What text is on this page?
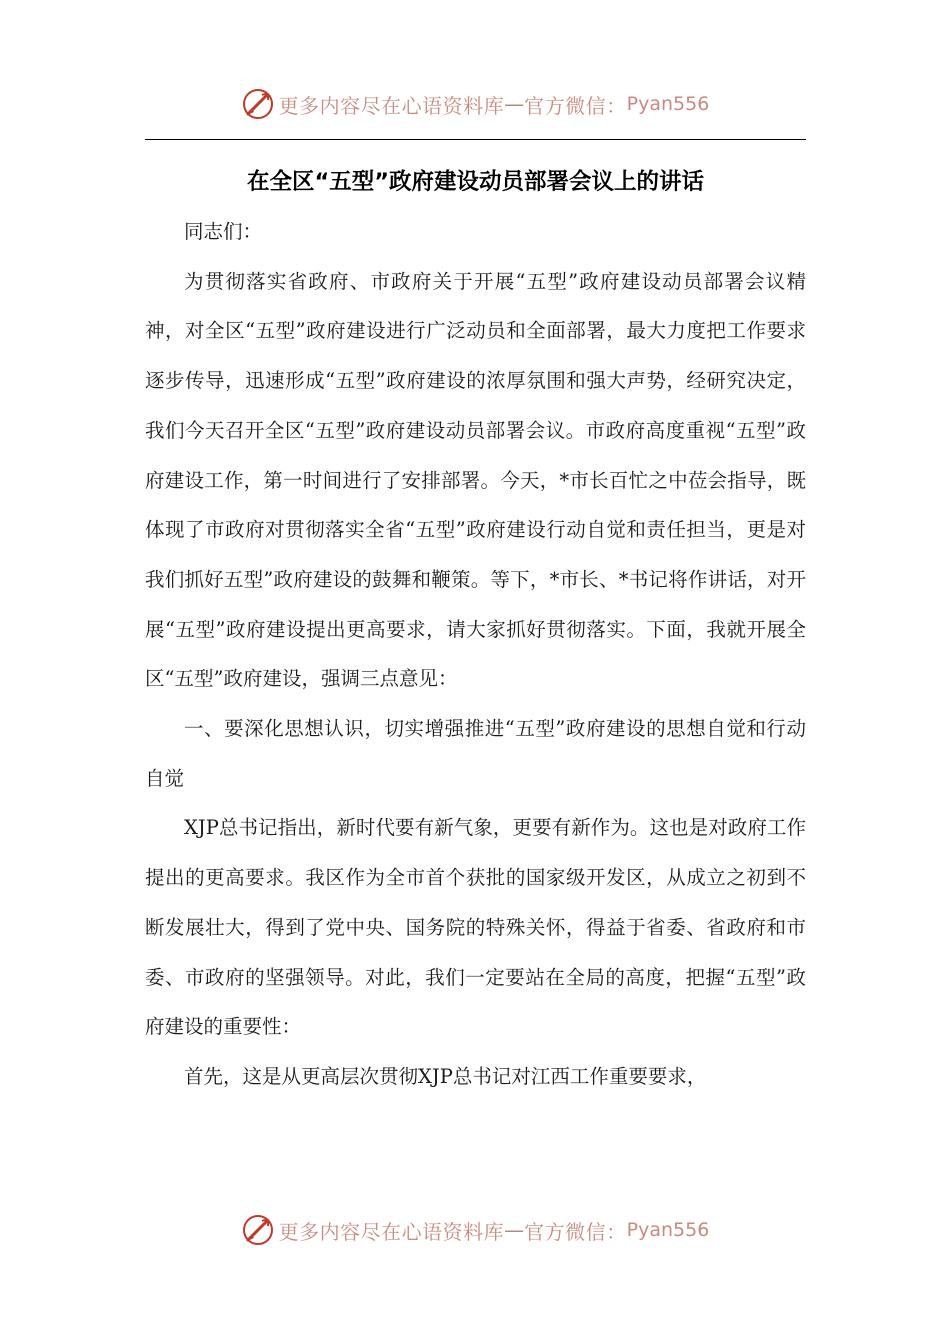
更多内容尽在心语资料库 — 官方微信： Pyan556
在全区“五型”政府建设动员部署会议上的讲话

同志们：

为贯彻落实省政府、市政府关于开展“五型”政府建设动员部署会议精神，对全区“五型”政府建设进行广泛动员和全面部署，最大力度把工作要求逐步传导，迅速形成“五型”政府建设的浓厚氛围和强大声势，经研究决定，我们今天召开全区“五型”政府建设动员部署会议。市政府高度重视“五型”政府建设工作，第一时间进行了安排部署。今天，*市长百忙之中莅会指导，既体现了市政府对贯彻落实全省“五型”政府建设行动自觉和责任担当，更是对我们抓好五型”政府建设的鼓舞和鞭策。等下，*市长、*书记将作讲话，对开展“五型”政府建设提出更高要求，请大家抓好贯彻落实。下面，我就开展全区“五型”政府建设，强调三点意见：

一、要深化思想认识，切实增强推进“五型”政府建设的思想自觉和行动自觉

XJP总书记指出，新时代要有新气象，更要有新作为。这也是对政府工作提出的更高要求。我区作为全市首个获批的国家级开发区，从成立之初到不断发展壮大，得到了党中央、国务院的特殊关怀，得益于省委、省政府和市委、市政府的坚强领导。对此，我们一定要站在全局的高度，把握“五型”政府建设的重要性：

首先，这是从更高层次贯彻XJP总书记对江西工作重要要求，

更多内容尽在心语资料库 — 官方微信： Pyan556
